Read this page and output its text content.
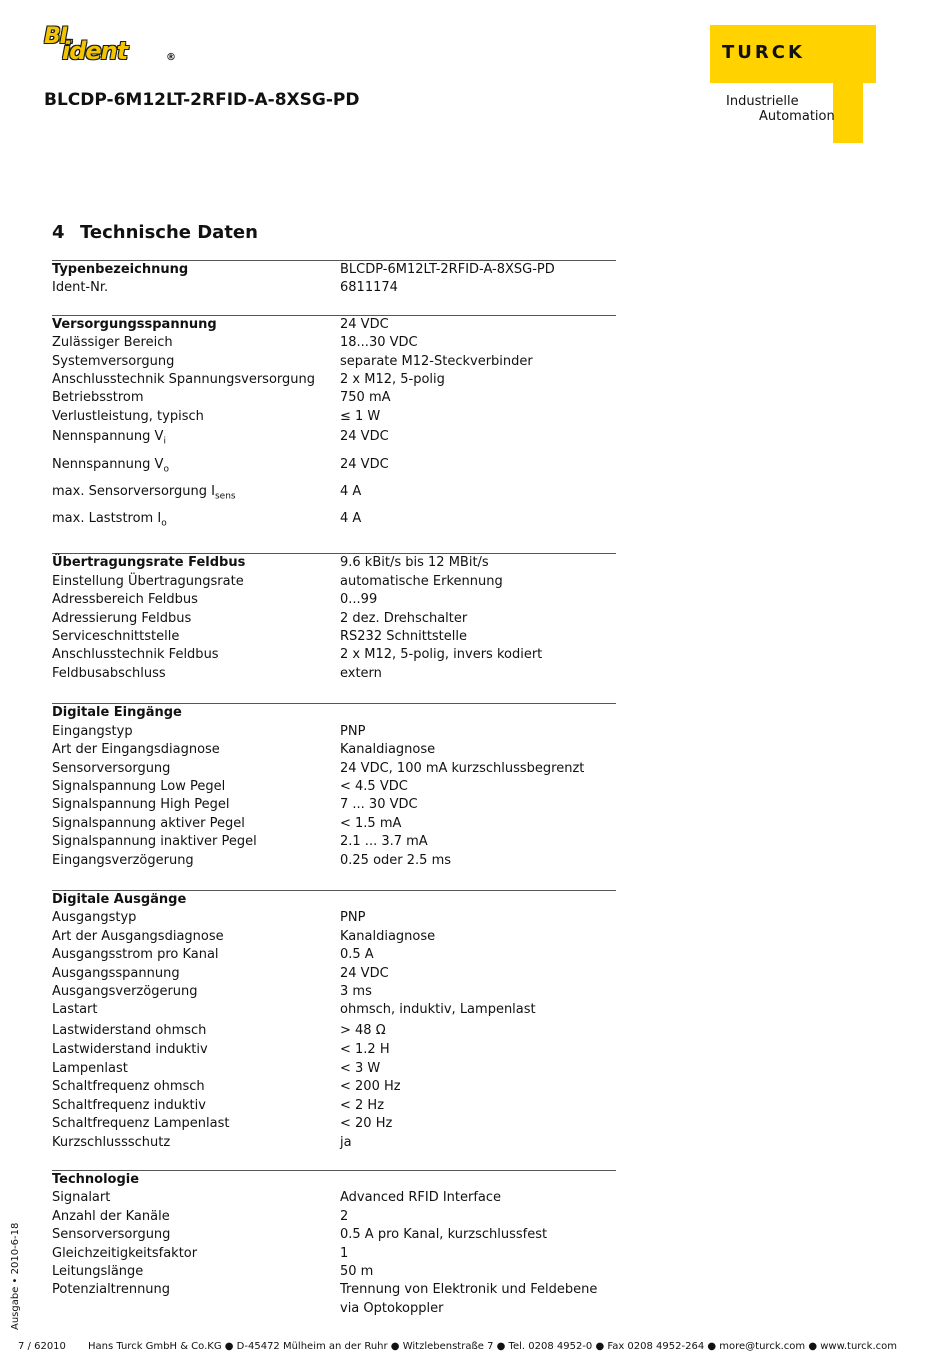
BL
ident	®
BLCDP-6M12LT-2RFID-A-8XSG-PD
TURCK
Industrielle
Automation
4 Technische Daten
Typenbezeichnung	BLCDP-6M12LT-2RFID-A-8XSG-PD
Ident-Nr.	6811174
Versorgungsspannung	24 VDC
Zulässiger Bereich	18...30 VDC
Systemversorgung	separate M12-Steckverbinder
Anschlusstechnik Spannungsversorgung	2 x M12, 5-polig
Betriebsstrom	750 mA
Verlustleistung, typisch	≤ 1 W
Nennspannung $V_i$	24 VDC
Nennspannung $V_o$	24 VDC
max. Sensorversorgung $I_{sens}$	4 A
max. Laststrom $I_o$	4 A
Übertragungsrate Feldbus	9.6 kBit/s bis 12 MBit/s
Einstellung Übertragungsrate	automatische Erkennung
Adressbereich Feldbus	0...99
Adressierung Feldbus	2 dez. Drehschalter
Serviceschnittstelle	RS232 Schnittstelle
Anschlusstechnik Feldbus	2 x M12, 5-polig, invers kodiert
Feldbusabschluss	extern
Digitale Eingänge
Eingangstyp	PNP
Art der Eingangsdiagnose	Kanaldiagnose
Sensorversorgung	24 VDC, 100 mA kurzschlussbegrenzt
Signalspannung Low Pegel	< 4.5 VDC
Signalspannung High Pegel	7 ... 30 VDC
Signalspannung aktiver Pegel	< 1.5 mA
Signalspannung inaktiver Pegel	2.1 ... 3.7 mA
Eingangsverzögerung	0.25 oder 2.5 ms
Digitale Ausgänge
Ausgangstyp	PNP
Art der Ausgangsdiagnose	Kanaldiagnose
Ausgangsstrom pro Kanal	0.5 A
Ausgangsspannung	24 VDC
Ausgangsverzögerung	3 ms
Lastart	ohmsch, induktiv, Lampenlast
Lastwiderstand ohmsch	> 48 Ω
Lastwiderstand induktiv	< 1.2 H
Lampenlast	< 3 W
Schaltfrequenz ohmsch	< 200 Hz
Schaltfrequenz induktiv	< 2 Hz
Schaltfrequenz Lampenlast	< 20 Hz
Kurzschlussschutz	ja
Technologie
Signalart	Advanced RFID Interface
Anzahl der Kanäle	2
Sensorversorgung	0.5 A pro Kanal, kurzschlussfest
Gleichzeitigkeitsfaktor	1
Leitungslänge	50 m
Potenzialtrennung	Trennung von Elektronik und Feldebene via Optokoppler
Ausgabe • 2010-6-18
7 / 62010	Hans Turck GmbH & Co.KG ● D-45472 Mülheim an der Ruhr ● Witzlebenstraße 7 ● Tel. 0208 4952-0 ● Fax 0208 4952-264 ● more@turck.com ● www.turck.com
